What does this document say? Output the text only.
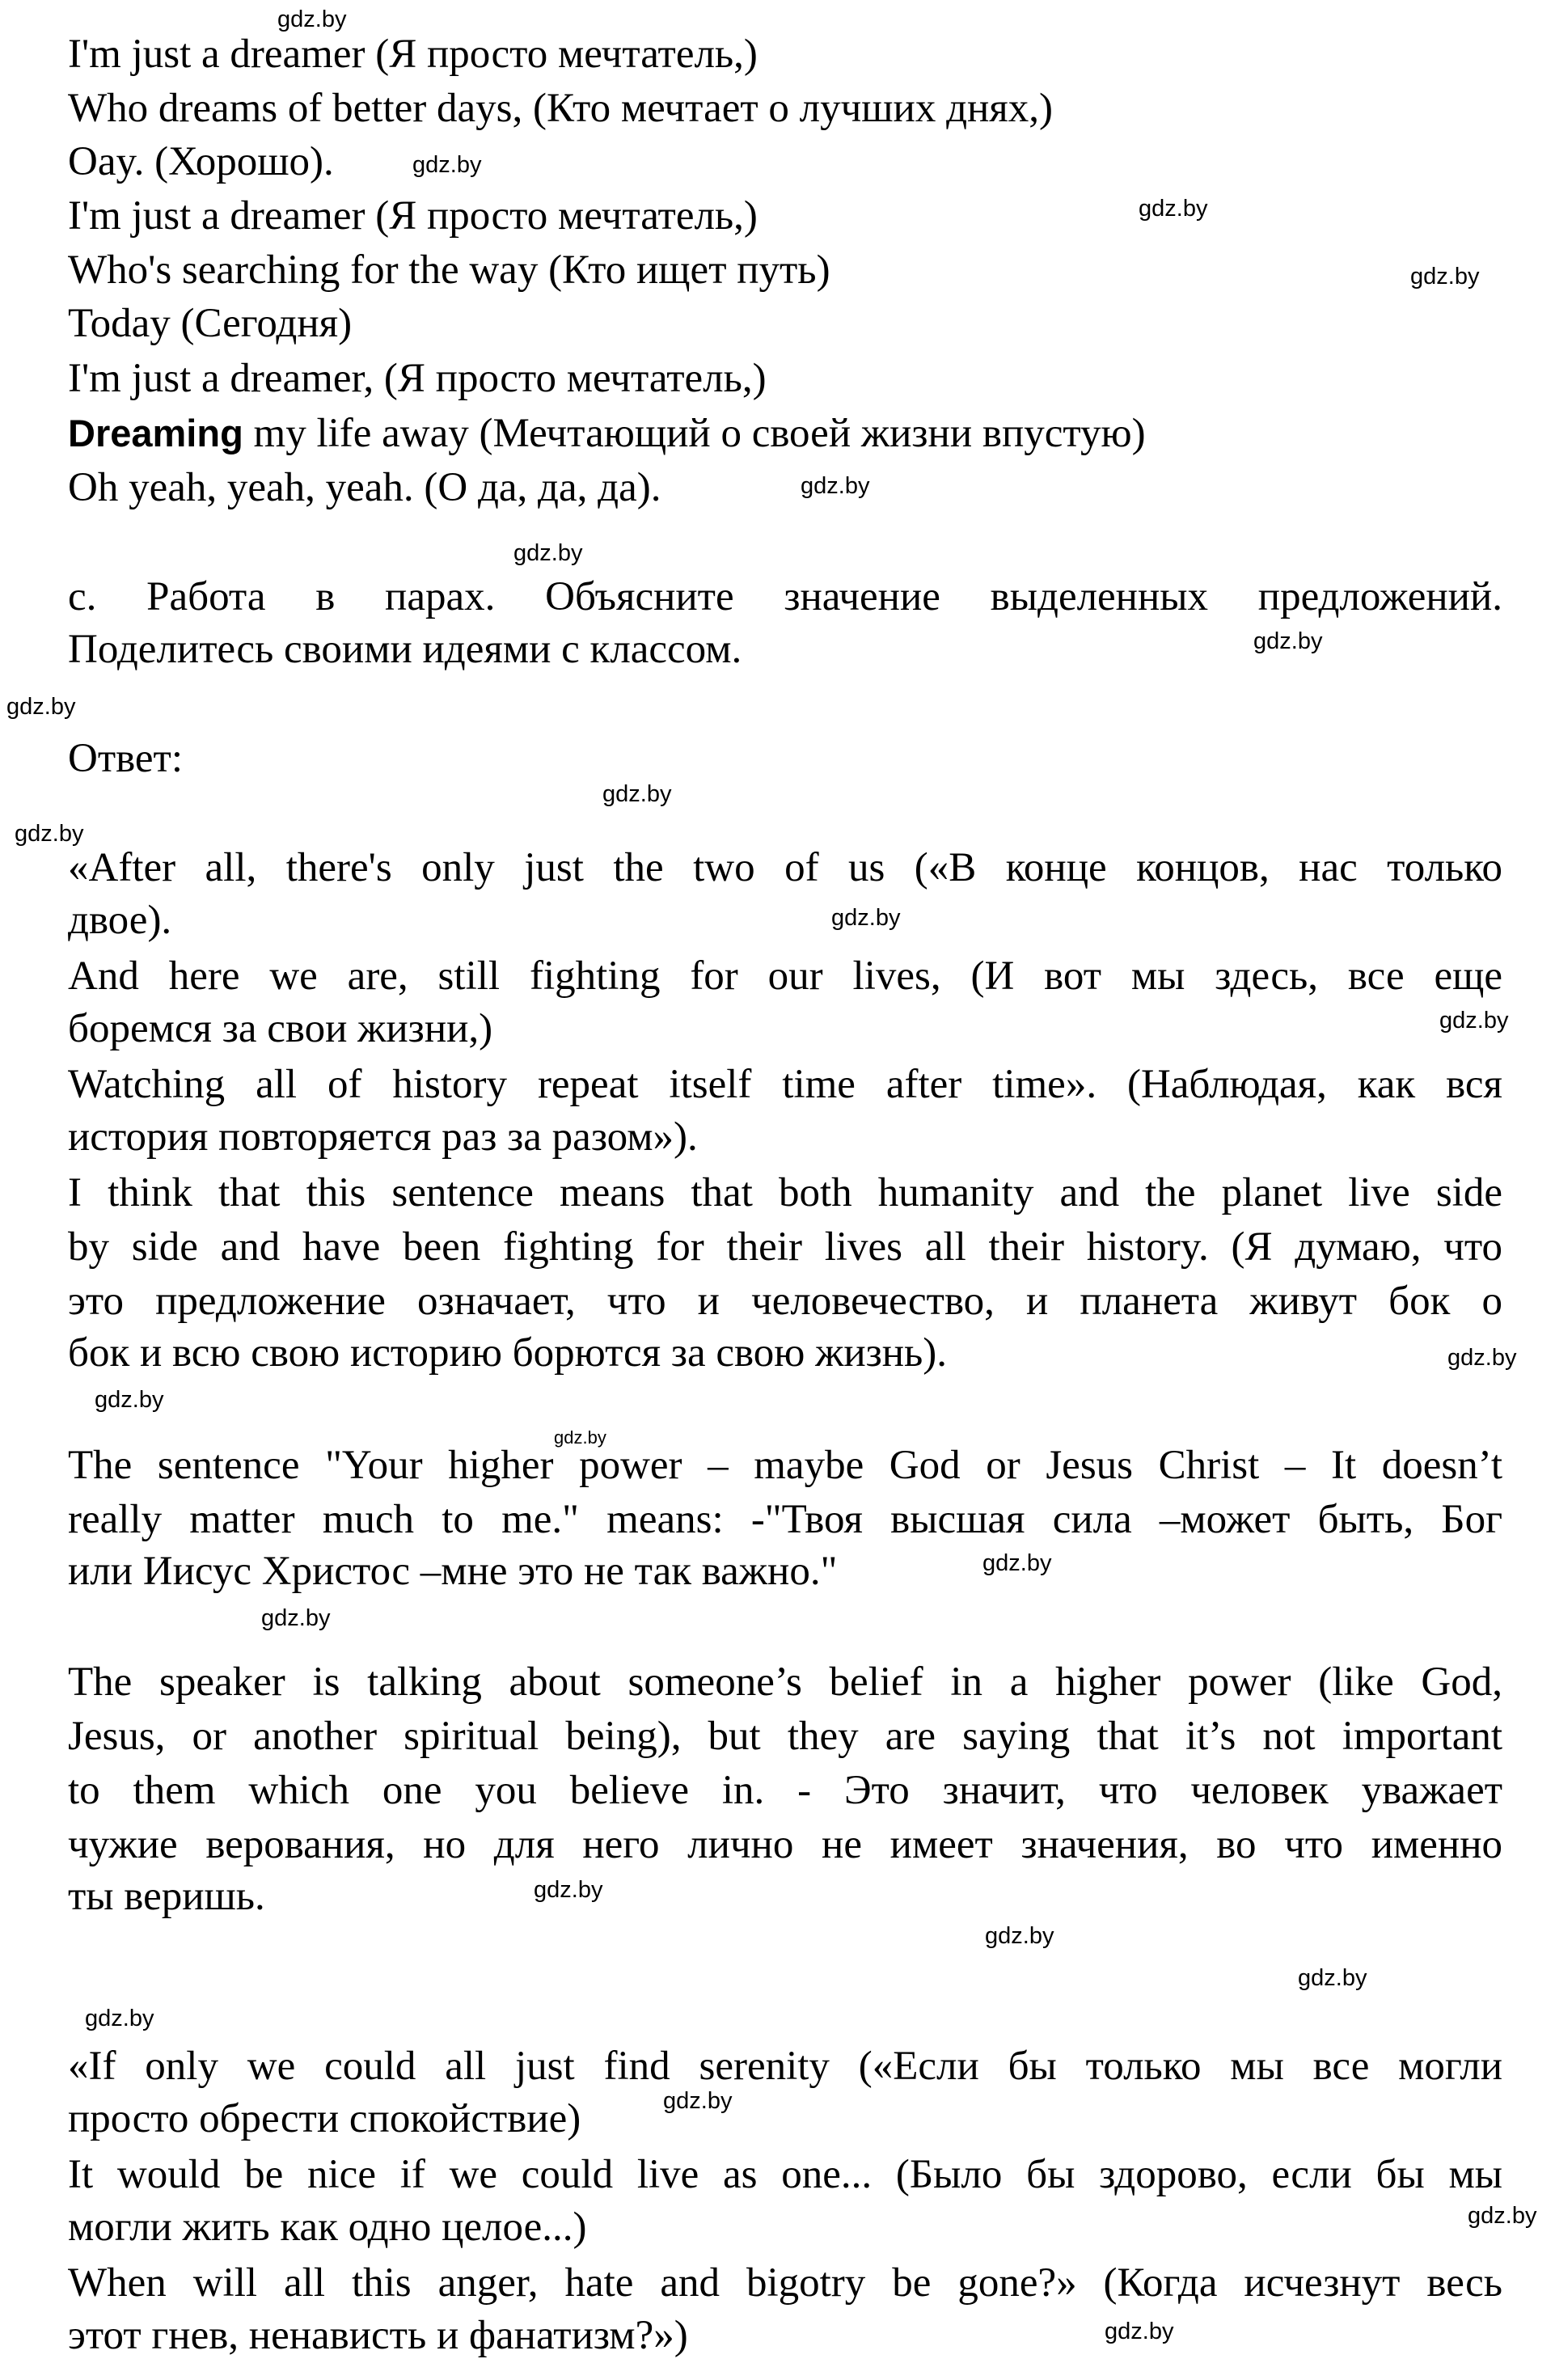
I'm just a dreamer (Я просто мечтатель,)
Who dreams of better days, (Кто мечтает о лучших днях,)
Oay. (Хорошо).
I'm just a dreamer (Я просто мечтатель,)
Who's searching for the way (Кто ищет путь)
Today (Сегодня)
I'm just a dreamer, (Я просто мечтатель,)
Dreaming my life away (Мечтающий о своей жизни впустую)
Oh yeah, yeah, yeah. (О да, да, да).
c. Работа в парах. Объясните значение выделенных предложений.
Поделитесь своими идеями с классом.
Ответ:
«After all, there's only just the two of us («В конце концов, нас только
двое).
And here we are, still fighting for our lives, (И вот мы здесь, все еще
боремся за свои жизни,)
Watching all of history repeat itself time after time». (Наблюдая, как вся
история повторяется раз за разом»).
I think that this sentence means that both humanity and the planet live side
by side and have been fighting for their lives all their history. (Я думаю, что
это предложение означает, что и человечество, и планета живут бок о
бок и всю свою историю борются за свою жизнь).
The sentence "Your higher power – maybe God or Jesus Christ – It doesn’t
really matter much to me." means: -"Твоя высшая сила –может быть, Бог
или Иисус Христос –мне это не так важно."
The speaker is talking about someone’s belief in a higher power (like God,
Jesus, or another spiritual being), but they are saying that it’s not important
to them which one you believe in. - Это значит, что человек уважает
чужие верования, но для него лично не имеет значения, во что именно
ты веришь.
«If only we could all just find serenity («Если бы только мы все могли
просто обрести спокойствие)
It would be nice if we could live as one... (Было бы здорово, если бы мы
могли жить как одно целое...)
When will all this anger, hate and bigotry be gone?» (Когда исчезнут весь
этот гнев, ненависть и фанатизм?»)
gdz.by
gdz.by
gdz.by
gdz.by
gdz.by
gdz.by
gdz.by
gdz.by
gdz.by
gdz.by
gdz.by
gdz.by
gdz.by
gdz.by
gdz.by
gdz.by
gdz.by
gdz.by
gdz.by
gdz.by
gdz.by
gdz.by
gdz.by
gdz.by
